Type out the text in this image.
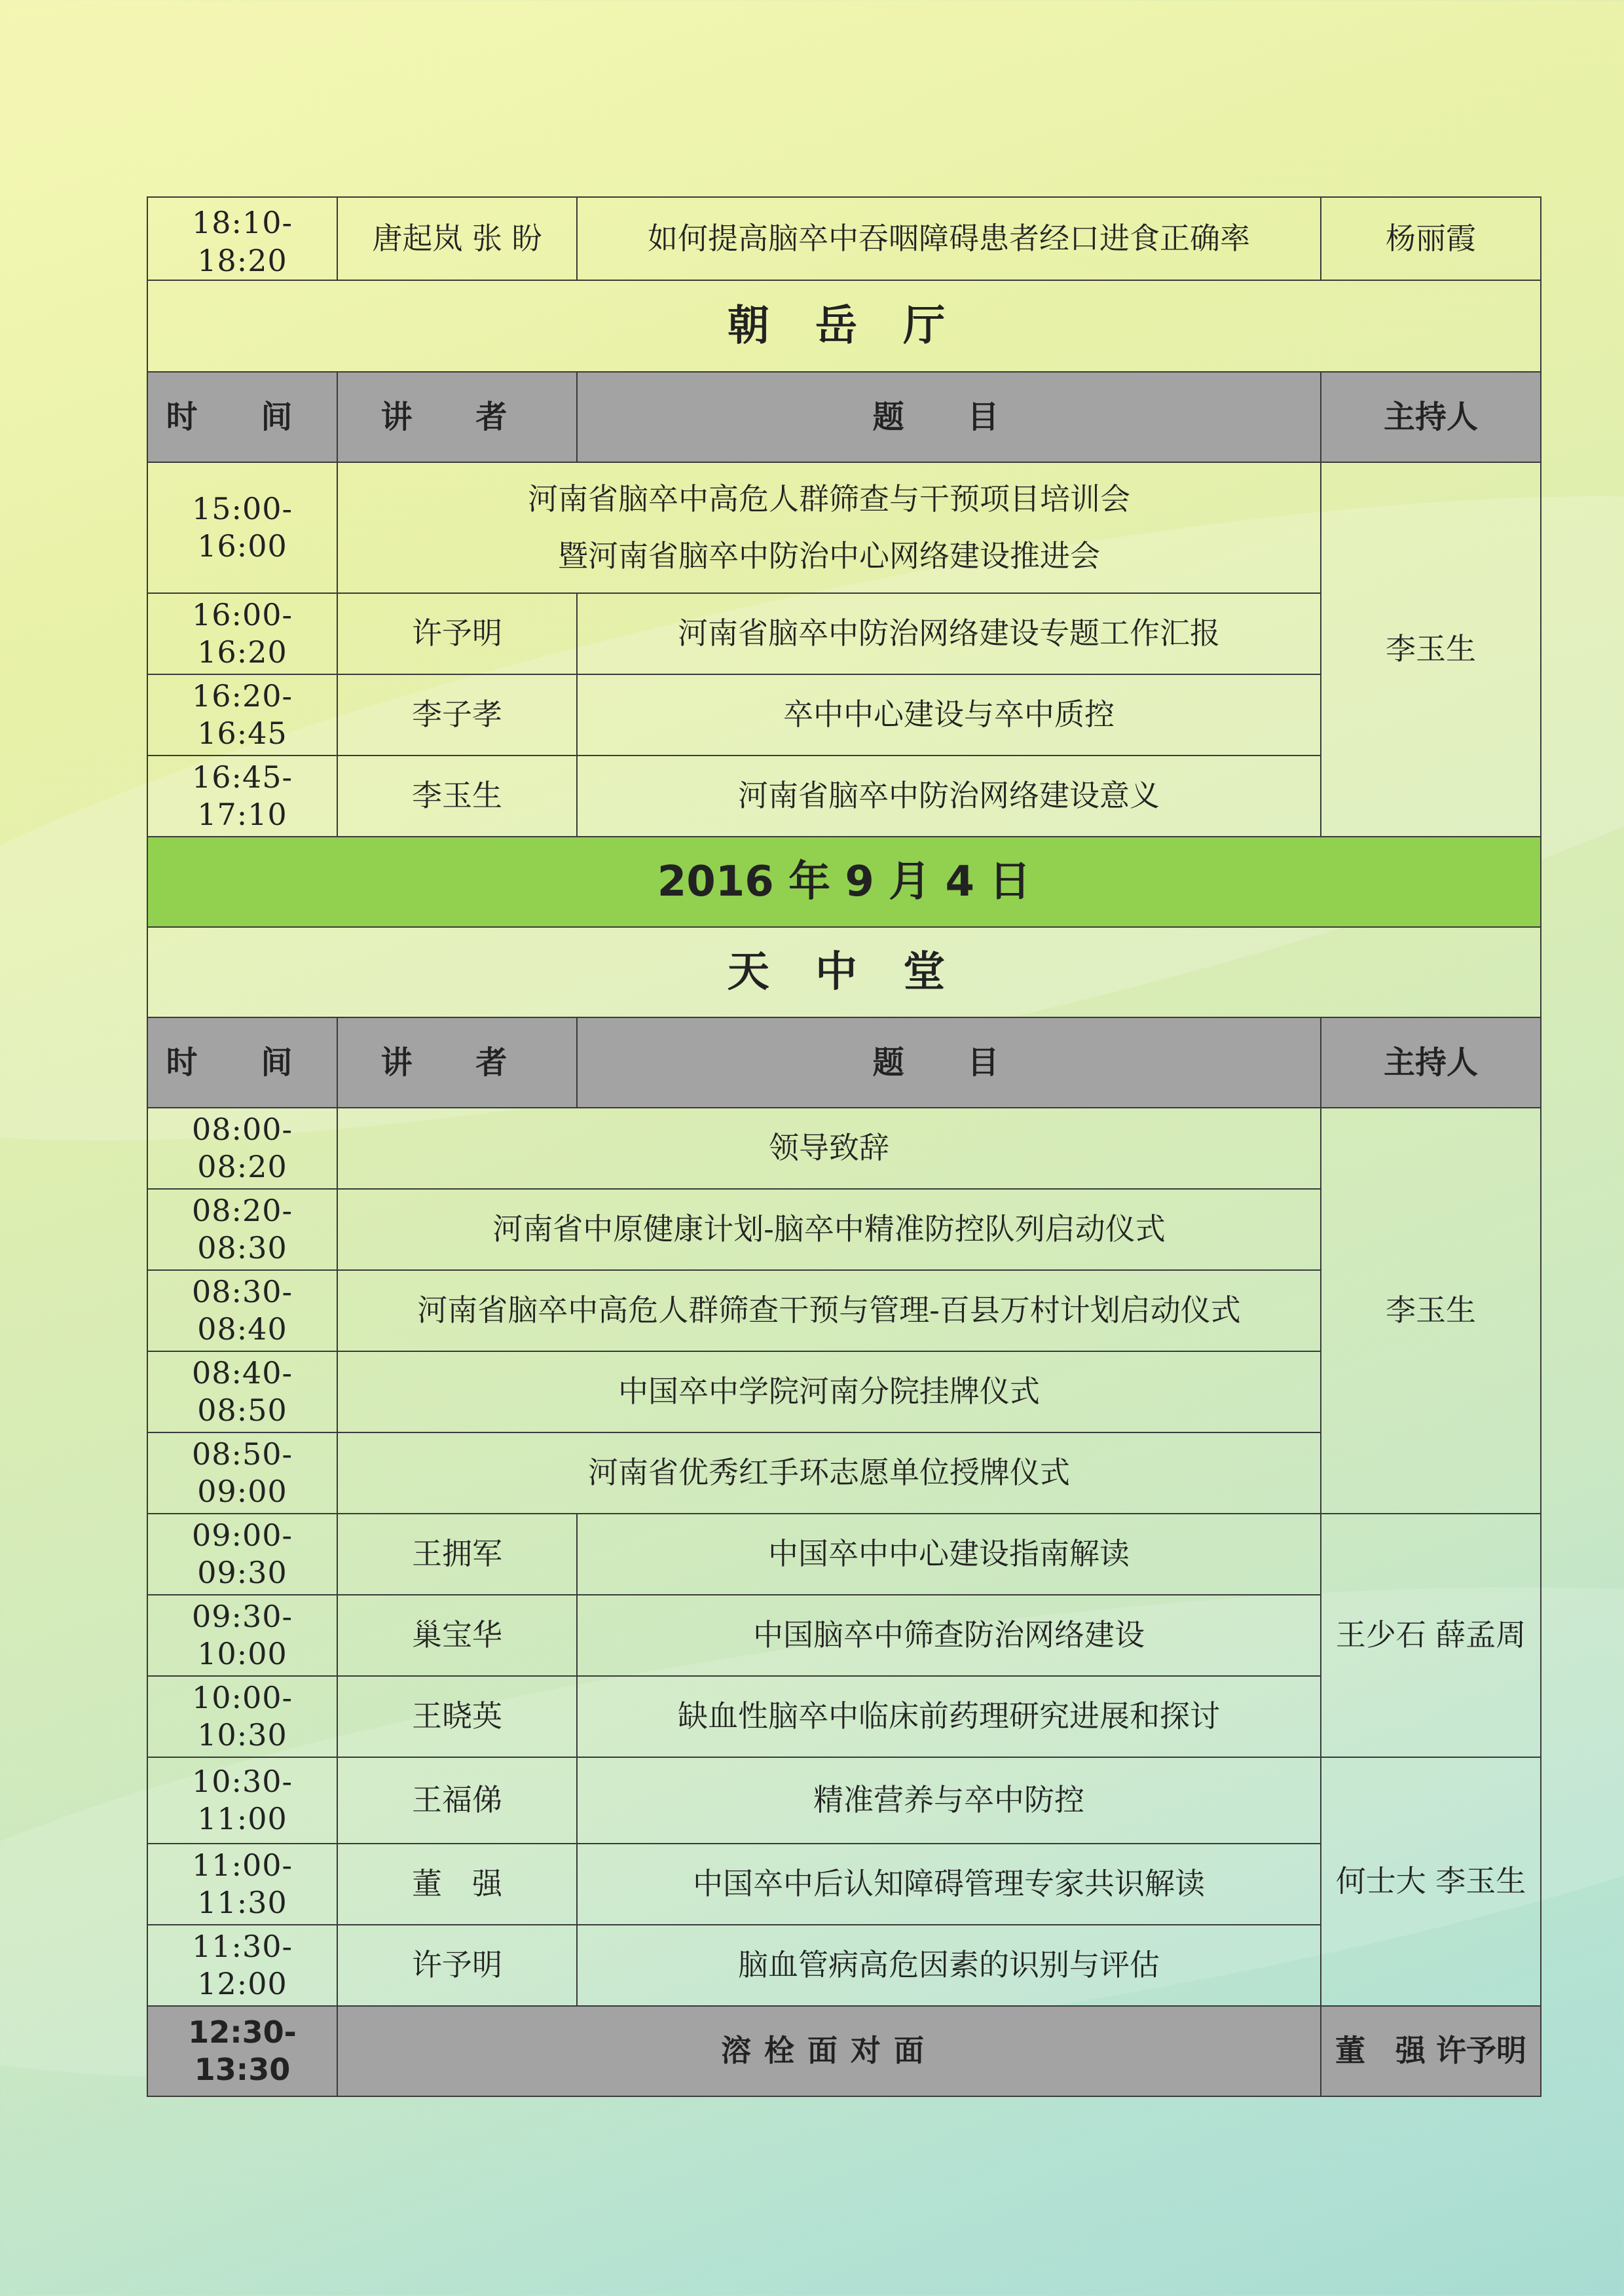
18:10-18:20	唐起岚 张 盼	如何提高脑卒中吞咽障碍患者经口进食正确率	杨丽霞
朝 岳 厅			
时 间	讲 者	题 目	主持人
15:00-16:00	河南省脑卒中高危人群筛查与干预项目培训会
暨河南省脑卒中防治中心网络建设推进会		李玉生
16:00-16:20	许予明	河南省脑卒中防治网络建设专题工作汇报	
16:20-16:45	李子孝	卒中中心建设与卒中质控	
16:45-17:10	李玉生	河南省脑卒中防治网络建设意义	
2016 年 9 月 4 日			
天 中 堂			
时 间	讲 者	题 目	主持人
08:00-08:20	领导致辞		李玉生
08:20-08:30	河南省中原健康计划-脑卒中精准防控队列启动仪式		
08:30-08:40	河南省脑卒中高危人群筛查干预与管理-百县万村计划启动仪式		
08:40-08:50	中国卒中学院河南分院挂牌仪式		
08:50-09:00	河南省优秀红手环志愿单位授牌仪式		
09:00-09:30	王拥军	中国卒中中心建设指南解读	王少石 薛孟周
09:30-10:00	巢宝华	中国脑卒中筛查防治网络建设	
10:00-10:30	王晓英	缺血性脑卒中临床前药理研究进展和探讨	
10:30-11:00	王福俤	精准营养与卒中防控	何士大 李玉生
11:00-11:30	董　强	中国卒中后认知障碍管理专家共识解读	
11:30-12:00	许予明	脑血管病高危因素的识别与评估	
12:30-13:30	溶栓面对面		董　强 许予明
